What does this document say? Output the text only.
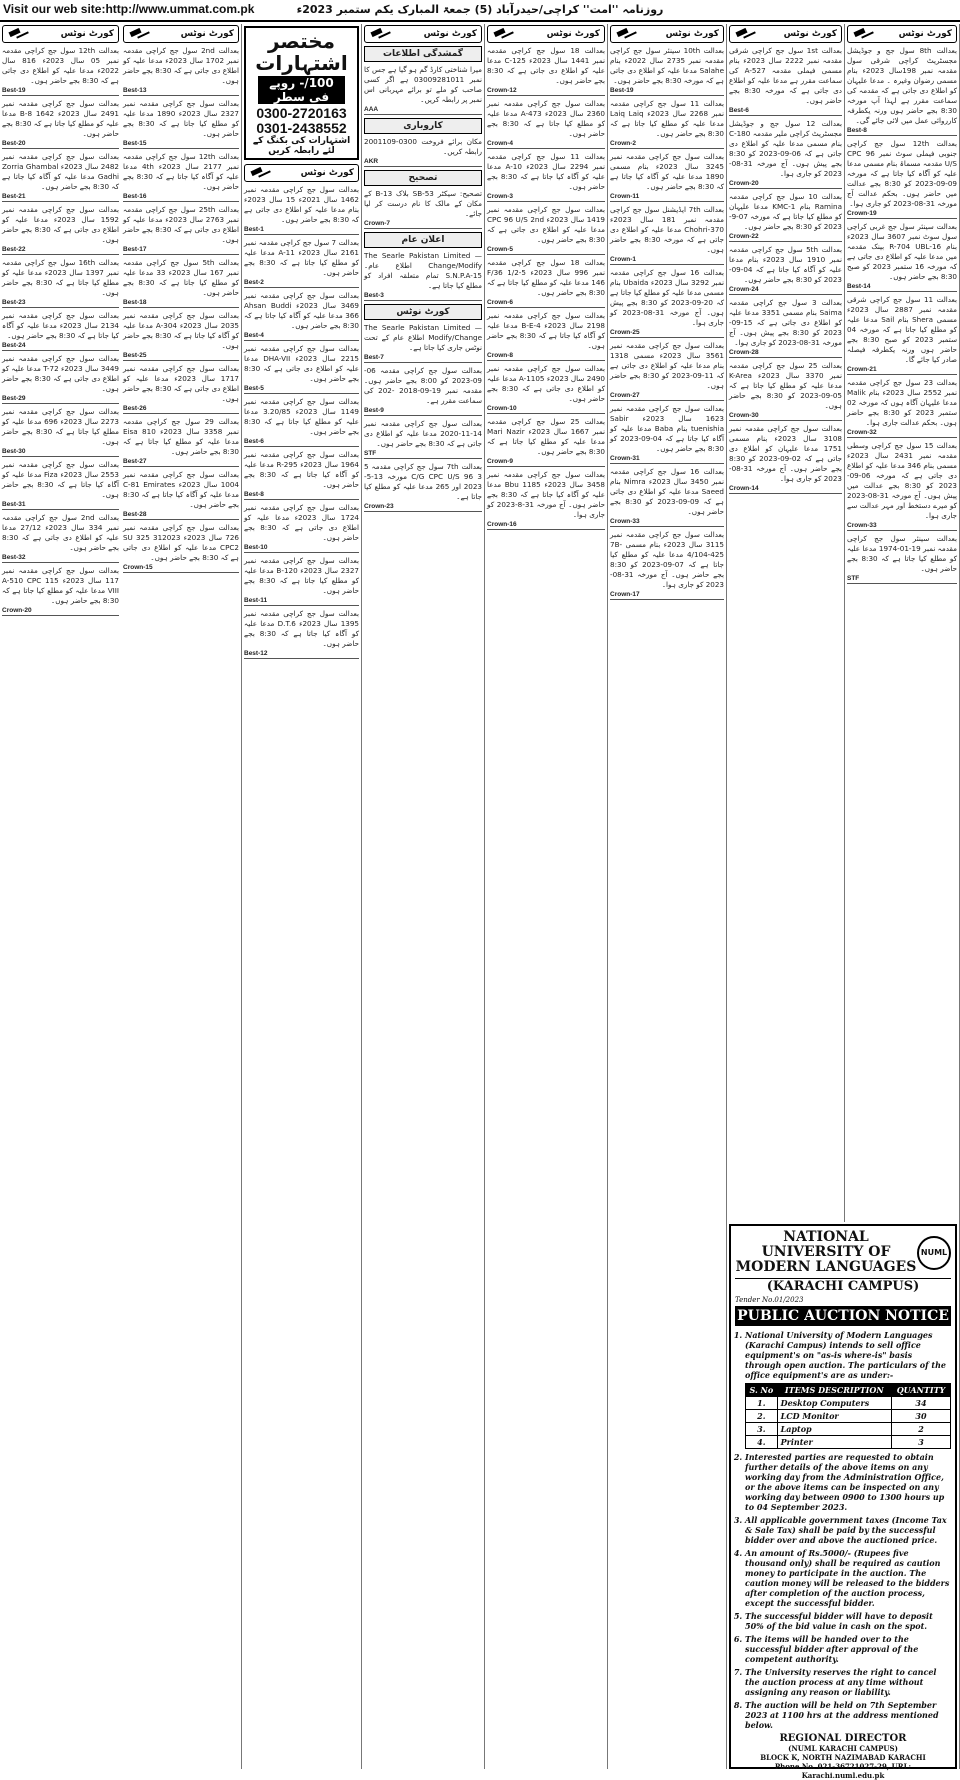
Visit our web site:http://www.ummat.com.pk	روزنامہ ''امت'' کراچی/حیدرآباد (5) جمعۃ المبارک یکم ستمبر 2023ء
کورٹ نوٹس

بعدالت 8th سول جج و جوڈیشل مجسٹریٹ کراچی شرقی سول مقدمہ نمبر 198سال 2023ء بنام مسمی رضوان وغیرہ ۔ مدعا علیہان کو اطلاع دی جاتی ہے کہ مقدمہ کی سماعت مقرر ہے لہذا آپ مورخہ 8:30 بجے حاضر ہوں ورنہ یکطرفہ کارروائی عمل میں لائی جائے گی۔

Best-8

بعدالت 12th سول جج کراچی جنوبی فیملی سوٹ نمبر CPC 96 U/S مقدمہ مسماۃ بنام مسمی مدعا علیہ کو آگاہ کیا جاتا ہے کہ مورخہ 09-09-2023 کو 8:30 بجے عدالت میں حاضر ہوں۔ بحکم عدالت آج مورخہ 31-08-2023 کو جاری ہوا۔

Crown-19

بعدالت سینئر سول جج غربی کراچی سول سوٹ نمبر 3607 سال 2023ء بنام R-704 UBL-16 بینک مقدمہ میں مدعا علیہ کو اطلاع دی جاتی ہے کہ مورخہ 16 ستمبر 2023 کو صبح 8:30 بجے حاضر ہوں۔

Best-14

بعدالت 11 سول جج کراچی شرقی مقدمہ نمبر 2887 سال 2023ء مسمی Shera بنام Sail مدعا علیہ کو مطلع کیا جاتا ہے کہ مورخہ 04 ستمبر 2023 کو صبح 8:30 بجے حاضر ہوں ورنہ یکطرفہ فیصلہ صادر کیا جائے گا۔

Crown-21

بعدالت 23 سول جج کراچی مقدمہ نمبر 2552 سال 2023ء بنام Malik مدعا علیہان آگاہ ہوں کہ مورخہ 02 ستمبر 2023 کو 8:30 بجے حاضر ہوں۔ بحکم عدالت جاری ہوا۔

Crown-32

بعدالت 15 سول جج کراچی وسطی مقدمہ نمبر 2431 سال 2023ء مسمی بنام 346 مدعا علیہ کو اطلاع دی جاتی ہے کہ مورخہ 06-09-2023 کو 8:30 بجے عدالت میں پیش ہوں۔ آج مورخہ 31-08-2023 کو میرے دستخط اور مہر عدالت سے جاری ہوا۔

Crown-33

بعدالت سینئر سول جج کراچی مقدمہ نمبر 19-01-1974 مدعا علیہ کو مطلع کیا جاتا ہے کہ 8:30 بجے حاضر ہوں۔

STF
کورٹ نوٹس

بعدالت 1st سول جج کراچی شرقی مقدمہ نمبر 2222 سال 2023ء بنام مسمی فیملی مقدمہ A-527 کی سماعت مقرر ہے مدعا علیہ کو اطلاع دی جاتی ہے کہ مورخہ 8:30 بجے حاضر ہوں۔

Best-6

بعدالت 12 سول جج و جوڈیشل مجسٹریٹ کراچی ملیر مقدمہ C-180 بنام مسمی مدعا علیہ کو اطلاع دی جاتی ہے کہ 06-09-2023 کو 8:30 بجے پیش ہوں۔ آج مورخہ 31-08-2023 کو جاری ہوا۔

Crown-20

بعدالت 10 سول جج کراچی مقدمہ Ramina بنام KMC-1 مدعا علیہان کو مطلع کیا جاتا ہے کہ مورخہ 07-9-2023 کو 8:30 بجے حاضر ہوں۔

Crown-22

بعدالت 5th سول جج کراچی مقدمہ نمبر 1910 سال 2023ء بنام مدعا علیہ کو آگاہ کیا جاتا ہے کہ 04-09-2023 کو 8:30 بجے حاضر ہوں۔

Crown-24

بعدالت 3 سول جج کراچی مقدمہ Saima بنام مسمی 3351 مدعا علیہ کو اطلاع دی جاتی ہے کہ 15-09-2023 کو 8:30 بجے پیش ہوں۔ آج مورخہ 31-08-2023 کو جاری ہوا۔

Crown-28

بعدالت 25 سول جج کراچی مقدمہ نمبر 3370 سال 2023ء K-Area مدعا علیہ کو مطلع کیا جاتا ہے کہ 05-09-2023 کو 8:30 بجے حاضر ہوں۔

Crown-30

بعدالت سول جج کراچی مقدمہ نمبر 3108 سال 2023ء بنام مسمی 1751 مدعا علیہان کو اطلاع دی جاتی ہے کہ 02-09-2023 کو 8:30 بجے حاضر ہوں۔ آج مورخہ 31-08-2023 کو جاری ہوا۔

Crown-14
کورٹ نوٹس

بعدالت 10th سینئر سول جج کراچی مقدمہ نمبر 2735 سال 2022ء بنام Salahe مدعا علیہ کو اطلاع دی جاتی ہے کہ مورخہ 8:30 بجے حاضر ہوں۔

Best-19

بعدالت 11 سول جج کراچی مقدمہ نمبر 2268 سال 2023ء Laiq Laiq مدعا علیہ کو مطلع کیا جاتا ہے کہ 8:30 بجے حاضر ہوں۔

Crown-2

بعدالت سول جج کراچی مقدمہ نمبر 3245 سال 2023ء بنام مسمی 1890 مدعا علیہ کو آگاہ کیا جاتا ہے کہ 8:30 بجے حاضر ہوں۔

Crown-11

بعدالت 7th ایڈیشنل سول جج کراچی مقدمہ نمبر 181 سال 2023ء Chohri-370 مدعا علیہ کو اطلاع دی جاتی ہے کہ مورخہ 8:30 بجے حاضر ہوں۔

Crown-1

بعدالت 16 سول جج کراچی مقدمہ نمبر 3292 سال 2023ء Ubaida بنام مسمی مدعا علیہ کو مطلع کیا جاتا ہے کہ 20-09-2023 کو 8:30 بجے پیش ہوں۔ آج مورخہ 31-08-2023 کو جاری ہوا۔

Crown-25

بعدالت سول جج کراچی مقدمہ نمبر 3561 سال 2023ء مسمی 1318 بنام مدعا علیہ کو اطلاع دی جاتی ہے کہ 11-09-2023 کو 8:30 بجے حاضر ہوں۔

Crown-27

بعدالت سول جج کراچی مقدمہ نمبر 1623 سال 2023ء Sabir tuenishia بنام Baba مدعا علیہ کو آگاہ کیا جاتا ہے کہ 04-09-2023 کو 8:30 بجے حاضر ہوں۔

Crown-31

بعدالت 16 سول جج کراچی مقدمہ نمبر 3450 سال 2023ء Nimra بنام Saeed مدعا علیہ کو اطلاع دی جاتی ہے کہ 09-09-2023 کو 8:30 بجے حاضر ہوں۔

Crown-33

بعدالت سول جج کراچی مقدمہ نمبر 3115 سال 2023ء بنام مسمی 7B-4/104-425 مدعا علیہ کو مطلع کیا جاتا ہے کہ 07-09-2023 کو 8:30 بجے حاضر ہوں۔ آج مورخہ 31-08-2023 کو جاری ہوا۔

Crown-17
کورٹ نوٹس

بعدالت 18 سول جج کراچی مقدمہ نمبر 1441 سال 2023ء C-125 مدعا علیہ کو اطلاع دی جاتی ہے کہ 8:30 بجے حاضر ہوں۔

Crown-12

بعدالت سول جج کراچی مقدمہ نمبر 2360 سال 2023ء A-473 مدعا علیہ کو مطلع کیا جاتا ہے کہ 8:30 بجے حاضر ہوں۔

Crown-4

بعدالت 11 سول جج کراچی مقدمہ نمبر 2294 سال 2023ء A-10 مدعا علیہ کو آگاہ کیا جاتا ہے کہ 8:30 بجے حاضر ہوں۔

Crown-3

بعدالت سول جج کراچی مقدمہ نمبر 1419 سال 2023ء CPC 96 U/S 2nd مدعا علیہ کو اطلاع دی جاتی ہے کہ 8:30 بجے حاضر ہوں۔

Crown-5

بعدالت 18 سول جج کراچی مقدمہ نمبر 996 سال 2023ء 5-1/2 36/F 146 مدعا علیہ کو مطلع کیا جاتا ہے کہ 8:30 بجے حاضر ہوں۔

Crown-6

بعدالت سول جج کراچی مقدمہ نمبر 2198 سال 2023ء 4-B-E مدعا علیہ کو آگاہ کیا جاتا ہے کہ 8:30 بجے حاضر ہوں۔

Crown-8

بعدالت سول جج کراچی مقدمہ نمبر 2490 سال 2023ء A-1105 مدعا علیہ کو اطلاع دی جاتی ہے کہ 8:30 بجے حاضر ہوں۔

Crown-10

بعدالت 25 سول جج کراچی مقدمہ نمبر 1667 سال 2023ء Mari Nazir مدعا علیہ کو مطلع کیا جاتا ہے کہ 8:30 بجے حاضر ہوں۔

Crown-9

بعدالت سول جج کراچی مقدمہ نمبر 3458 سال 2023ء Bbu 1185 مدعا علیہ کو آگاہ کیا جاتا ہے کہ 8:30 بجے حاضر ہوں۔ آج مورخہ 31-8-2023 کو جاری ہوا۔

Crown-16
کورٹ نوٹس
گمشدگی اطلاعات

میرا شناختی کارڈ گم ہو گیا ہے جس کا نمبر 03009281011 ہے اگر کسی صاحب کو ملے تو برائے مہربانی اس نمبر پر رابطہ کریں۔

AAA
کاروباری

مکان برائے فروخت 0300-2001109 رابطہ کریں۔

AKR
تصحیح

تصحیح: سیکٹر SB-53 بلاک B-13 کے مکان کے مالک کا نام درست کر لیا جائے۔

Crown-7
اعلان عام

The Searle Pakistan Limited — Change/Modify اطلاع عام۔ S.N.P.A-15 تمام متعلقہ افراد کو مطلع کیا جاتا ہے۔

Best-3
کورٹ نوٹس

The Searle Pakistan Limited — Modify/Change اطلاع عام کے تحت نوٹس جاری کیا جاتا ہے۔

Best-7

بعدالت سول جج کراچی مقدمہ 06-09-2023 کو 8:00 بجے حاضر ہوں۔ مقدمہ نمبر 19-09-2018 -202 کی سماعت مقرر ہے۔

Best-9

بعدالت سول جج کراچی مقدمہ نمبر 14-11-2020 مدعا علیہ کو اطلاع دی جاتی ہے کہ 8:30 بجے حاضر ہوں۔

STF

بعدالت 7th سول جج کراچی مقدمہ 5 3 C/G CPC U/S 96 مورخہ 13-5-2023 اور 265 مدعا علیہ کو مطلع کیا جاتا ہے۔

Crown-23
مختصر اشتہارات
100/- روپے فی سطر
0300-2720163
0301-2438552
اشتہارات کی بکنگ کے لئے رابطہ کریں
کورٹ نوٹس

بعدالت سول جج کراچی مقدمہ نمبر 1462 سال 2021ء 15 سال 2023ء بنام مدعا علیہ کو اطلاع دی جاتی ہے کہ 8:30 بجے حاضر ہوں۔

Best-1

بعدالت 7 سول جج کراچی مقدمہ نمبر 2161 سال 2023ء A-11 مدعا علیہ کو مطلع کیا جاتا ہے کہ 8:30 بجے حاضر ہوں۔

Best-2

بعدالت سول جج کراچی مقدمہ نمبر 3469 سال 2023ء Ahsan Buddi 366 مدعا علیہ کو آگاہ کیا جاتا ہے کہ 8:30 بجے حاضر ہوں۔

Best-4

بعدالت سول جج کراچی مقدمہ نمبر 2215 سال 2023ء DHA-VII مدعا علیہ کو اطلاع دی جاتی ہے کہ 8:30 بجے حاضر ہوں۔

Best-5

بعدالت سول جج کراچی مقدمہ نمبر 1149 سال 2023ء 3.20/85 مدعا علیہ کو مطلع کیا جاتا ہے کہ 8:30 بجے حاضر ہوں۔

Best-6

بعدالت سول جج کراچی مقدمہ نمبر 1964 سال 2023ء R-295 مدعا علیہ کو آگاہ کیا جاتا ہے کہ 8:30 بجے حاضر ہوں۔

Best-8

بعدالت سول جج کراچی مقدمہ نمبر 1724 سال 2023ء مدعا علیہ کو اطلاع دی جاتی ہے کہ 8:30 بجے حاضر ہوں۔

Best-10

بعدالت سول جج کراچی مقدمہ نمبر 2327 سال 2023ء B-120 مدعا علیہ کو مطلع کیا جاتا ہے کہ 8:30 بجے حاضر ہوں۔

Best-11

بعدالت سول جج کراچی مقدمہ نمبر 1395 سال 2023ء D.T.6 مدعا علیہ کو آگاہ کیا جاتا ہے کہ 8:30 بجے حاضر ہوں۔

Best-12
کورٹ نوٹس

بعدالت 2nd سول جج کراچی مقدمہ نمبر 1702 سال 2023ء مدعا علیہ کو اطلاع دی جاتی ہے کہ 8:30 بجے حاضر ہوں۔

Best-13

بعدالت سول جج کراچی مقدمہ نمبر 2327 سال 2023ء 1890 مدعا علیہ کو مطلع کیا جاتا ہے کہ 8:30 بجے حاضر ہوں۔

Best-15

بعدالت 12th سول جج کراچی مقدمہ نمبر 2177 سال 2023ء 4th مدعا علیہ کو آگاہ کیا جاتا ہے کہ 8:30 بجے حاضر ہوں۔

Best-16

بعدالت 25th سول جج کراچی مقدمہ نمبر 2763 سال 2023ء مدعا علیہ کو اطلاع دی جاتی ہے کہ 8:30 بجے حاضر ہوں۔

Best-17

بعدالت 5th سول جج کراچی مقدمہ نمبر 167 سال 2023ء 33 مدعا علیہ کو مطلع کیا جاتا ہے کہ 8:30 بجے حاضر ہوں۔

Best-18

بعدالت سول جج کراچی مقدمہ نمبر 2035 سال 2023ء A-304 مدعا علیہ کو آگاہ کیا جاتا ہے کہ 8:30 بجے حاضر ہوں۔

Best-25

بعدالت سول جج کراچی مقدمہ نمبر 1717 سال 2023ء مدعا علیہ کو اطلاع دی جاتی ہے کہ 8:30 بجے حاضر ہوں۔

Best-26

بعدالت 29 سول جج کراچی مقدمہ نمبر 3358 سال 2023ء Eisa 810 مدعا علیہ کو مطلع کیا جاتا ہے کہ 8:30 بجے حاضر ہوں۔

Best-27

بعدالت سول جج کراچی مقدمہ نمبر 1004 سال 2023ء C-81 Emirates مدعا علیہ کو آگاہ کیا جاتا ہے کہ 8:30 بجے حاضر ہوں۔

Best-28

بعدالت سول جج کراچی مقدمہ نمبر 726 سال 2023ء SU 325 312023 CPC2 مدعا علیہ کو اطلاع دی جاتی ہے کہ 8:30 بجے حاضر ہوں۔

Crown-15
کورٹ نوٹس

بعدالت 12th سول جج کراچی مقدمہ نمبر 05 سال 2023ء 816 سال 2022ء مدعا علیہ کو اطلاع دی جاتی ہے کہ 8:30 بجے حاضر ہوں۔

Best-19

بعدالت سول جج کراچی مقدمہ نمبر 2491 سال 2023ء B-8 1642 مدعا علیہ کو مطلع کیا جاتا ہے کہ 8:30 بجے حاضر ہوں۔

Best-20

بعدالت سول جج کراچی مقدمہ نمبر 2482 سال 2023ء Zorria Ghambal Gadhi مدعا علیہ کو آگاہ کیا جاتا ہے کہ 8:30 بجے حاضر ہوں۔

Best-21

بعدالت سول جج کراچی مقدمہ نمبر 1592 سال 2023ء مدعا علیہ کو اطلاع دی جاتی ہے کہ 8:30 بجے حاضر ہوں۔

Best-22

بعدالت 16th سول جج کراچی مقدمہ نمبر 1397 سال 2023ء مدعا علیہ کو مطلع کیا جاتا ہے کہ 8:30 بجے حاضر ہوں۔

Best-23

بعدالت سول جج کراچی مقدمہ نمبر 2134 سال 2023ء مدعا علیہ کو آگاہ کیا جاتا ہے کہ 8:30 بجے حاضر ہوں۔

Best-24

بعدالت سول جج کراچی مقدمہ نمبر 3449 سال 2023ء T-72 مدعا علیہ کو اطلاع دی جاتی ہے کہ 8:30 بجے حاضر ہوں۔

Best-29

بعدالت سول جج کراچی مقدمہ نمبر 2273 سال 2023ء 696 مدعا علیہ کو مطلع کیا جاتا ہے کہ 8:30 بجے حاضر ہوں۔

Best-30

بعدالت سول جج کراچی مقدمہ نمبر 2553 سال 2023ء Fiza مدعا علیہ کو آگاہ کیا جاتا ہے کہ 8:30 بجے حاضر ہوں۔

Best-31

بعدالت 2nd سول جج کراچی مقدمہ نمبر 334 سال 2023ء 27/12 مدعا علیہ کو اطلاع دی جاتی ہے کہ 8:30 بجے حاضر ہوں۔

Best-32

بعدالت سول جج کراچی مقدمہ نمبر 117 سال 2023ء A-510 CPC 115 VIII مدعا علیہ کو مطلع کیا جاتا ہے کہ 8:30 بجے حاضر ہوں۔

Crown-20
NATIONAL UNIVERSITY OF MODERN LANGUAGES
NUML
(KARACHI CAMPUS)
Tender No.01/2023
PUBLIC AUCTION NOTICE
1. National University of Modern Languages (Karachi Campus) intends to sell office equipment's on "as-is where-is" basis through open auction. The particulars of the office equipment's are as under:-
S. No	ITEMS DESCRIPTION	QUANTITY
1.	Desktop Computers	34
2.	LCD Monitor	30
3.	Laptop	2
4.	Printer	3
2. Interested parties are requested to obtain further details of the above items on any working day from the Administration Office, or the above items can be inspected on any working day between 0900 to 1300 hours up to 04 September 2023.
3. All applicable government taxes (Income Tax & Sale Tax) shall be paid by the successful bidder over and above the auctioned price.
4. An amount of Rs.5000/- (Rupees five thousand only) shall be required as caution money to participate in the auction. The caution money will be released to the bidders after completion of the auction process, except the successful bidder.
5. The successful bidder will have to deposit 50% of the bid value in cash on the spot.
6. The items will be handed over to the successful bidder after approval of the competent authority.
7. The University reserves the right to cancel the auction process at any time without assigning any reason or liability.
8. The auction will be held on 7th September 2023 at 1100 hrs at the address mentioned below.
REGIONAL DIRECTOR
(NUML KARACHI CAMPUS)
BLOCK K, NORTH NAZIMABAD KARACHI
Phone No. 021-36721027-29, URL: Karachi.numl.edu.pk
